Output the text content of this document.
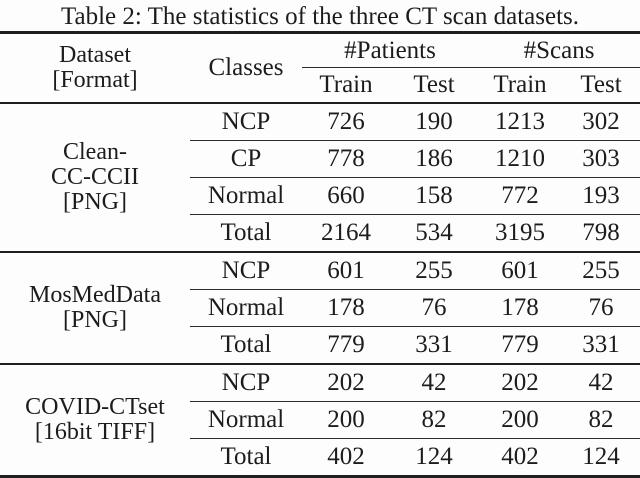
Table 2: The statistics of the three CT scan datasets.
Dataset
[Format]	Classes	#Patients		#Scans	
		Train	Test	Train	Test

Clean-
CC-CCII
[PNG]	NCP	726	190	1213	302
	CP	778	186	1210	303
	Normal	660	158	772	193
	Total	2164	534	3195	798

MosMedData
[PNG]	NCP	601	255	601	255
	Normal	178	76	178	76
	Total	779	331	779	331

COVID-CTset
[16bit TIFF]	NCP	202	42	202	42
	Normal	200	82	200	82
	Total	402	124	402	124
